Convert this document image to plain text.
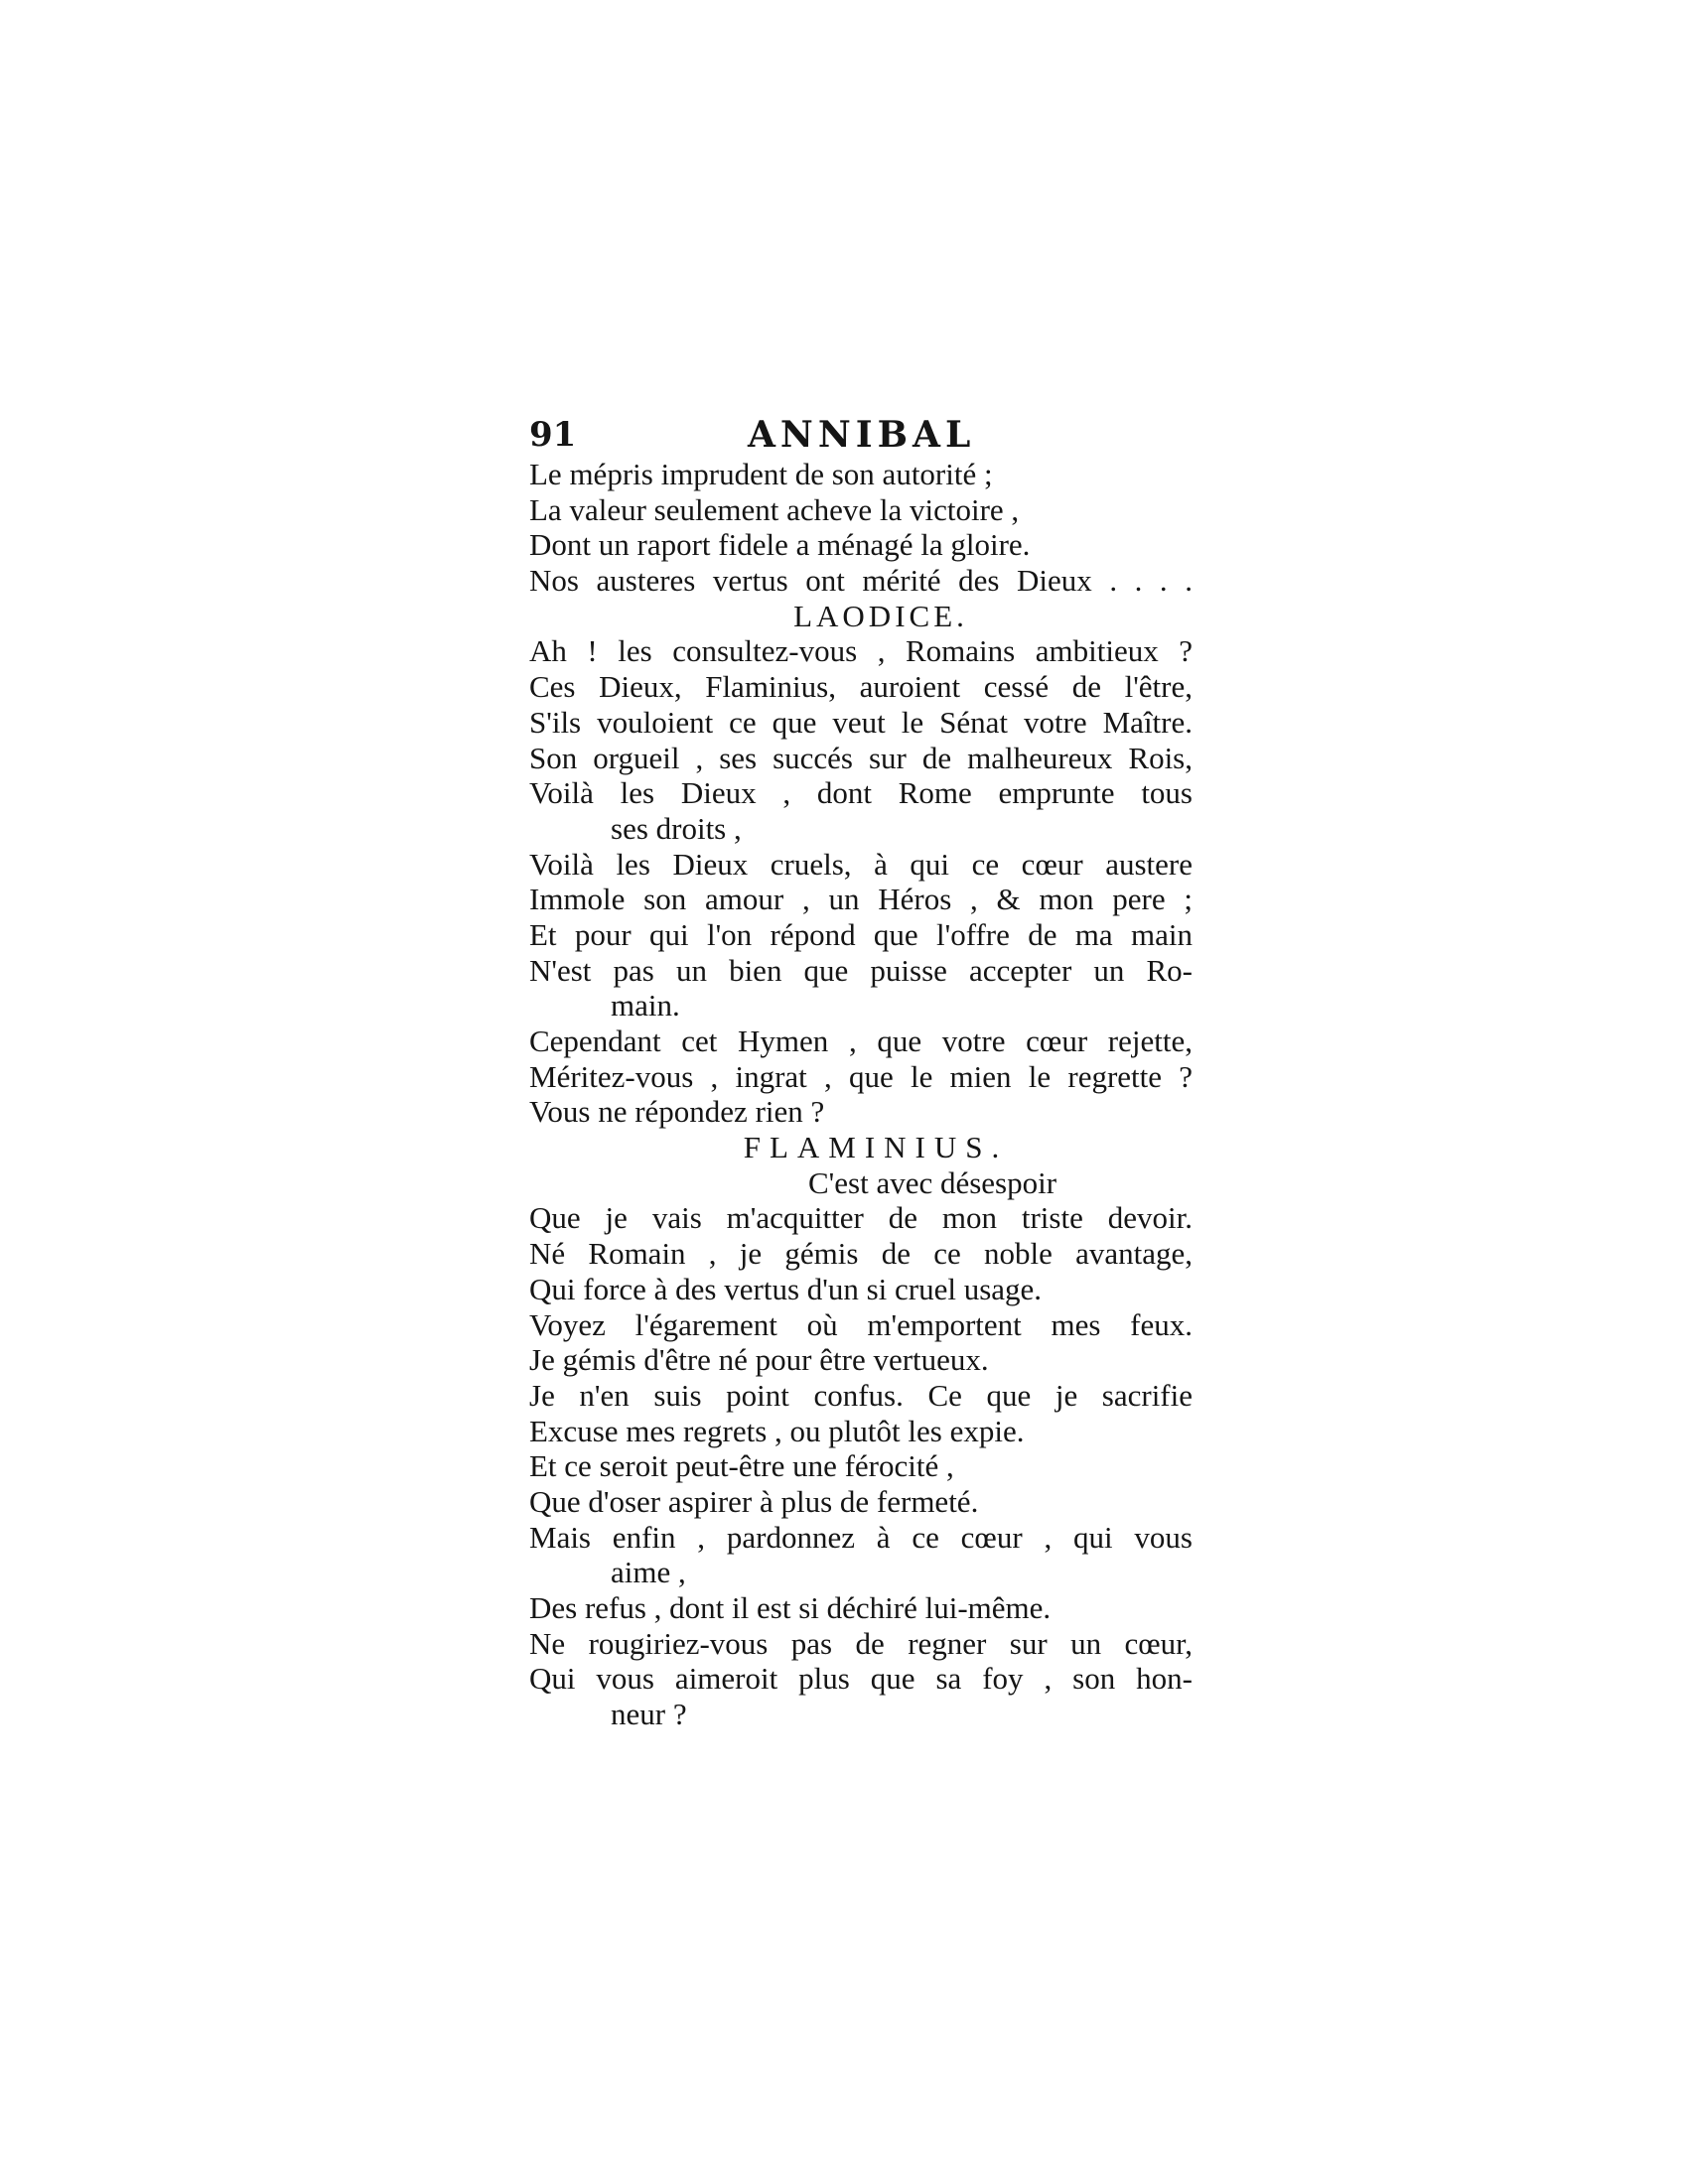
91	ANNIBAL
Le mépris imprudent de son autorité ;
La valeur seulement acheve la victoire ,
Dont un raport fidele a ménagé la gloire.
Nos austeres vertus ont mérité des Dieux . . . .
LAODICE.
Ah ! les consultez-vous , Romains ambitieux ?
Ces Dieux, Flaminius, auroient cessé de l'être,
S'ils vouloient ce que veut le Sénat votre Maître.
Son orgueil , ses succés sur de malheureux Rois,
Voilà les Dieux , dont Rome emprunte tous
ses droits ,
Voilà les Dieux cruels, à qui ce cœur austere
Immole son amour , un Héros , & mon pere ;
Et pour qui l'on répond que l'offre de ma main
N'est pas un bien que puisse accepter un Ro-
main.
Cependant cet Hymen , que votre cœur rejette,
Méritez-vous , ingrat , que le mien le regrette ?
Vous ne répondez rien ?
FLAMINIUS.
C'est avec désespoir
Que je vais m'acquitter de mon triste devoir.
Né Romain , je gémis de ce noble avantage,
Qui force à des vertus d'un si cruel usage.
Voyez l'égarement où m'emportent mes feux.
Je gémis d'être né pour être vertueux.
Je n'en suis point confus. Ce que je sacrifie
Excuse mes regrets , ou plutôt les expie.
Et ce seroit peut-être une férocité ,
Que d'oser aspirer à plus de fermeté.
Mais enfin , pardonnez à ce cœur , qui vous
aime ,
Des refus , dont il est si déchiré lui-même.
Ne rougiriez-vous pas de regner sur un cœur,
Qui vous aimeroit plus que sa foy , son hon-
neur ?
